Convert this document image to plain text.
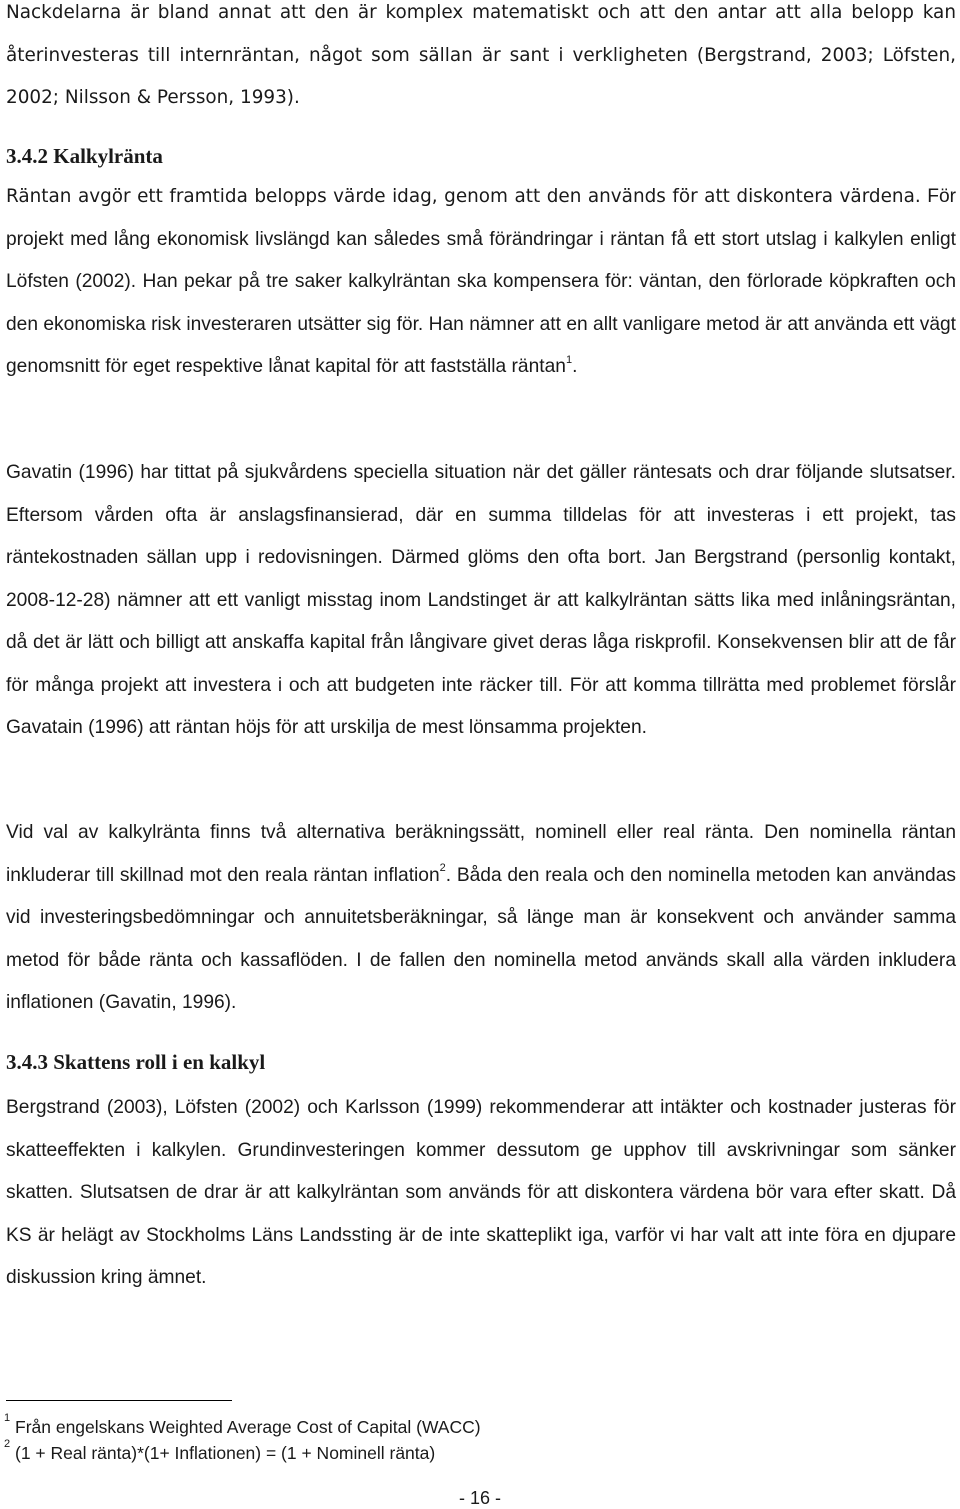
Nackdelarna är bland annat att den är komplex matematiskt och att den antar att alla belopp kan återinvesteras till internräntan, något som sällan är sant i verkligheten (Bergstrand, 2003; Löfsten, 2002; Nilsson & Persson, 1993).

3.4.2 Kalkylränta

Räntan avgör ett framtida belopps värde idag, genom att den används för att diskontera värdena. För projekt med lång ekonomisk livslängd kan således små förändringar i räntan få ett stort utslag i kalkylen enligt Löfsten (2002). Han pekar på tre saker kalkylräntan ska kompensera för: väntan, den förlorade köpkraften och den ekonomiska risk investeraren utsätter sig för. Han nämner att en allt vanligare metod är att använda ett vägt genomsnitt för eget respektive lånat kapital för att fastställa räntan$^1$.

Gavatin (1996) har tittat på sjukvårdens speciella situation när det gäller räntesats och drar följande slutsatser. Eftersom vården ofta är anslagsfinansierad, där en summa tilldelas för att investeras i ett projekt, tas räntekostnaden sällan upp i redovisningen. Därmed glöms den ofta bort. Jan Bergstrand (personlig kontakt, 2008-12-28) nämner att ett vanligt misstag inom Landstinget är att kalkylräntan sätts lika med inlåningsräntan, då det är lätt och billigt att anskaffa kapital från långivare givet deras låga riskprofil. Konsekvensen blir att de får för många projekt att investera i och att budgeten inte räcker till. För att komma tillrätta med problemet förslår Gavatain (1996) att räntan höjs för att urskilja de mest lönsamma projekten.

Vid val av kalkylränta finns två alternativa beräkningssätt, nominell eller real ränta. Den nominella räntan inkluderar till skillnad mot den reala räntan inflation$^2$. Båda den reala och den nominella metoden kan användas vid investeringsbedömningar och annuitetsberäkningar, så länge man är konsekvent och använder samma metod för både ränta och kassaflöden. I de fallen den nominella metod används skall alla värden inkludera inflationen (Gavatin, 1996).

3.4.3 Skattens roll i en kalkyl

Bergstrand (2003), Löfsten (2002) och Karlsson (1999) rekommenderar att intäkter och kostnader justeras för skatteeffekten i kalkylen. Grundinvesteringen kommer dessutom ge upphov till avskrivningar som sänker skatten. Slutsatsen de drar är att kalkylräntan som används för att diskontera värdena bör vara efter skatt. Då KS är helägt av Stockholms Läns Landssting är de inte skatteplikt iga, varför vi har valt att inte föra en djupare diskussion kring ämnet.

$^1$ Från engelskans Weighted Average Cost of Capital (WACC)
$^2$ (1 + Real ränta)*(1+ Inflationen) = (1 + Nominell ränta)
- 16 -
